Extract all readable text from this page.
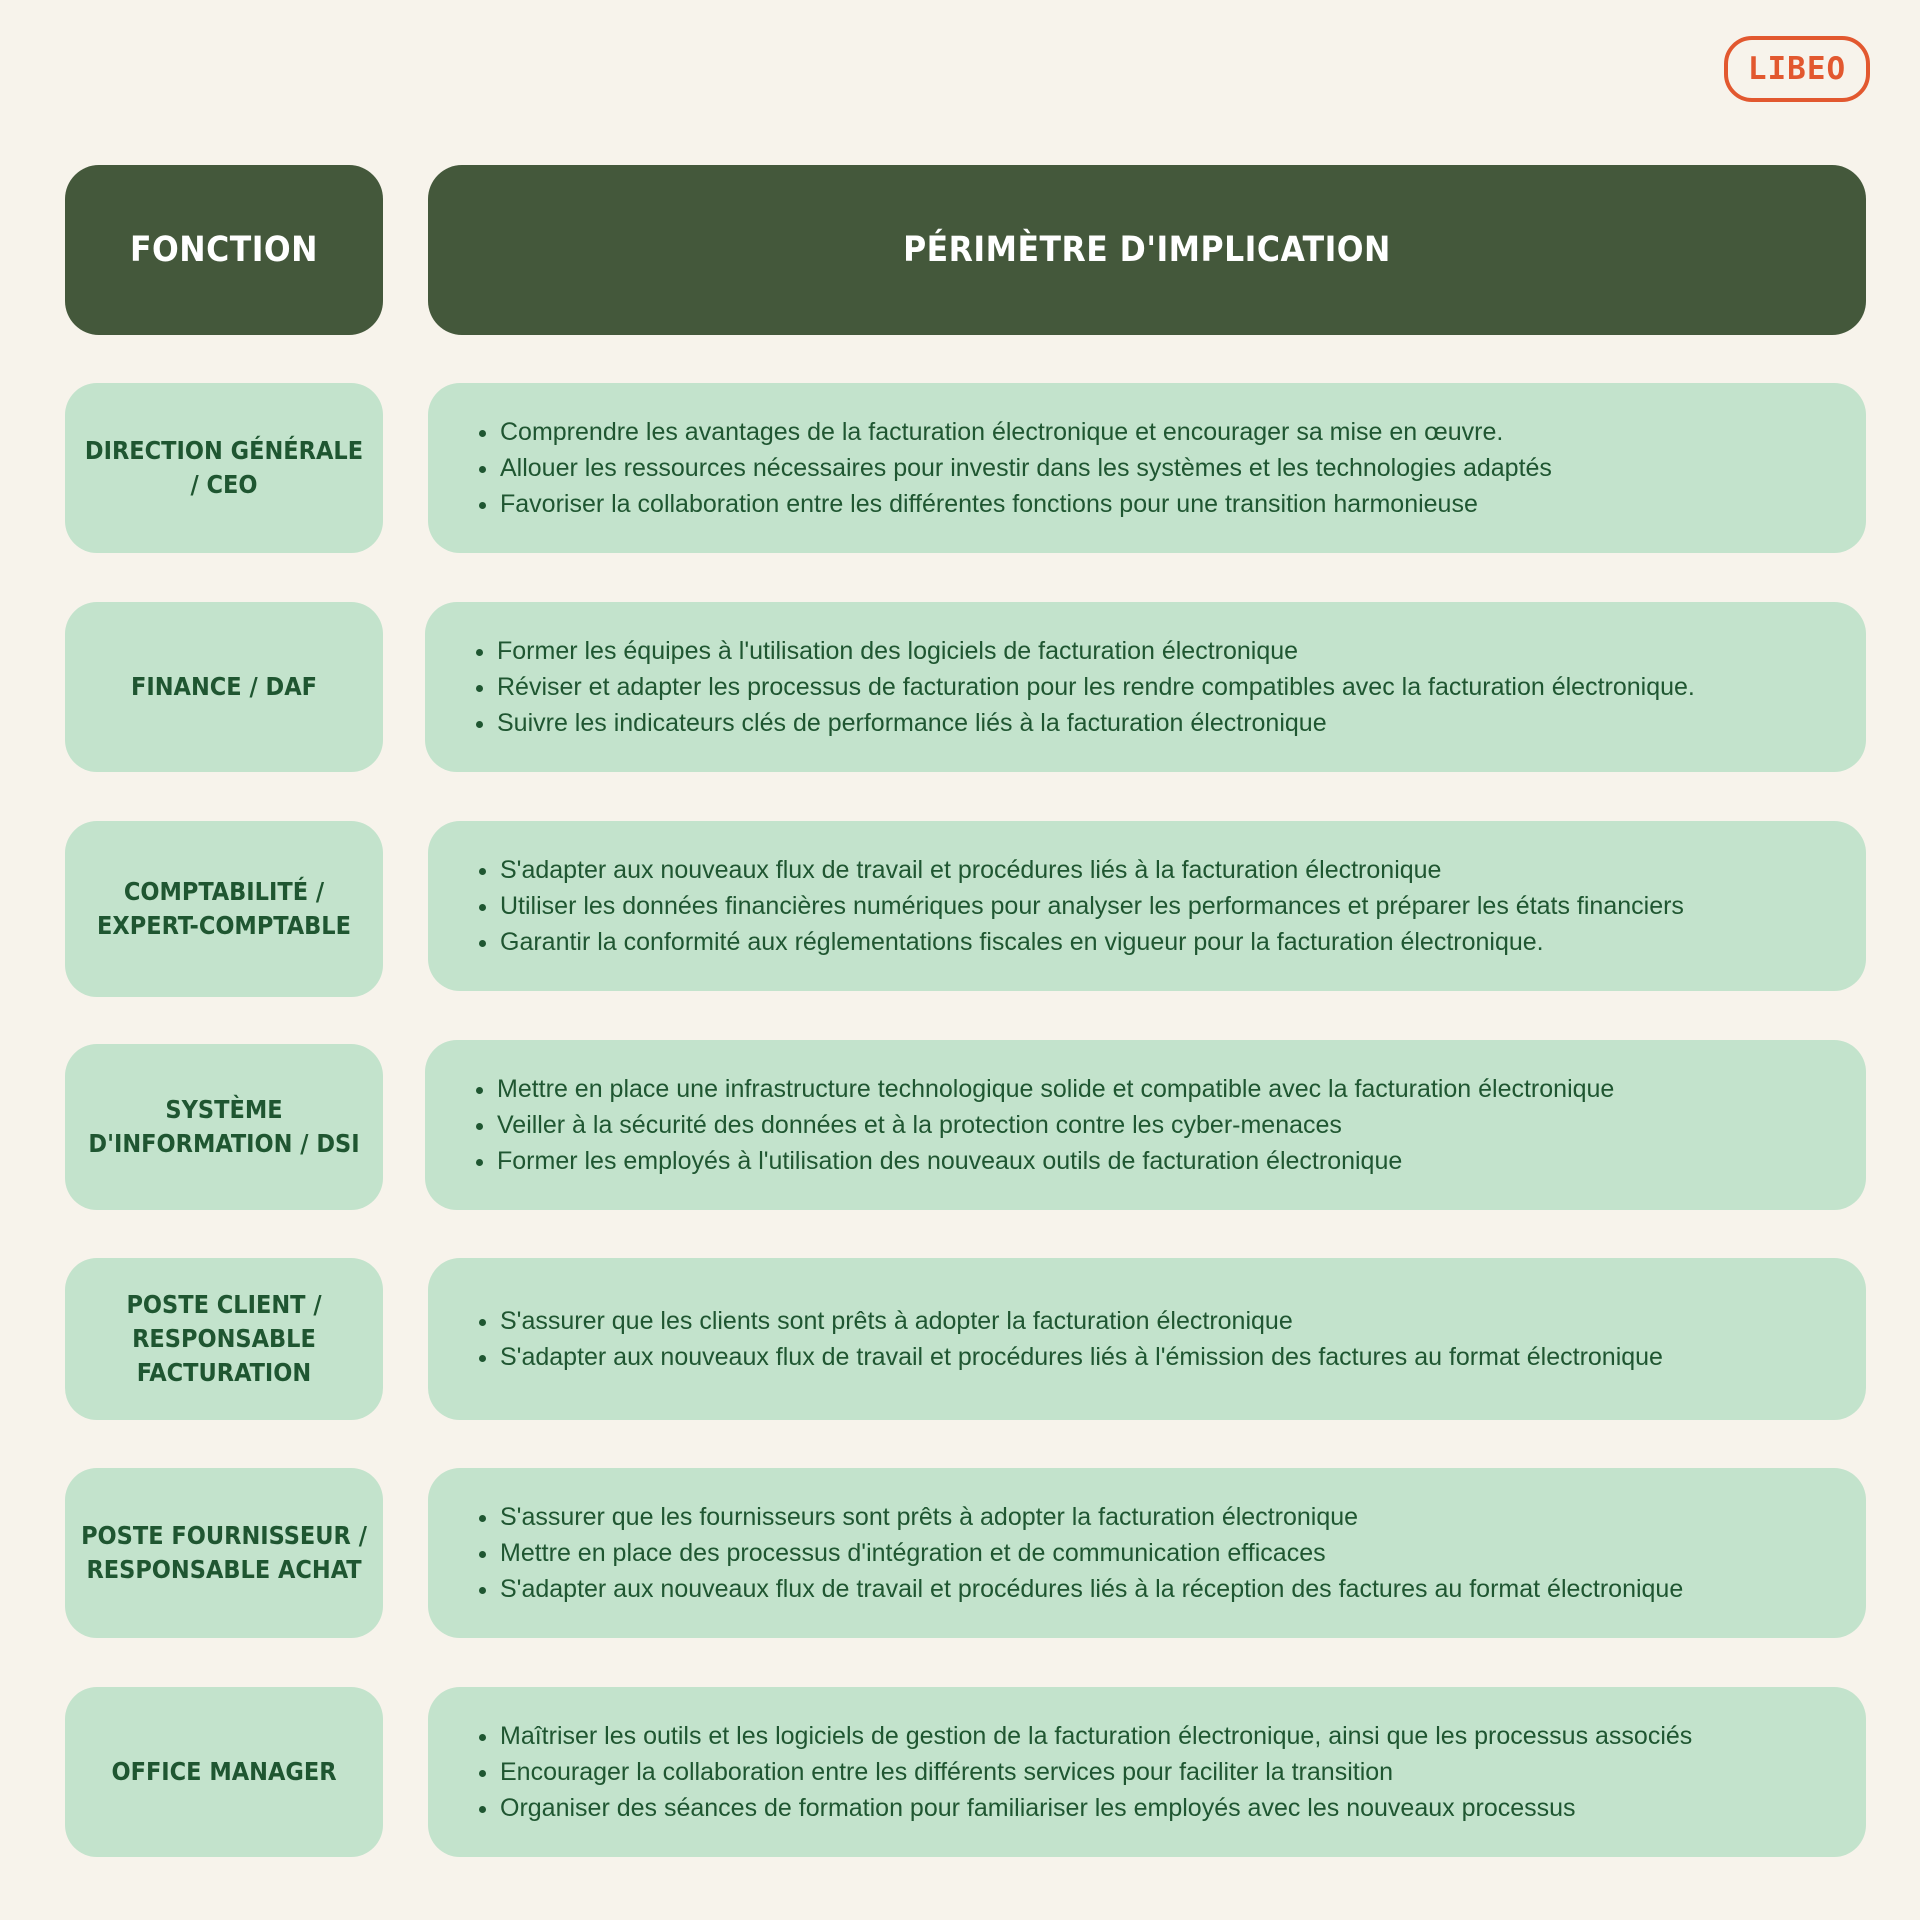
LIBEO
FONCTION	PÉRIMÈTRE D'IMPLICATION
DIRECTION GÉNÉRALE / CEO
• Comprendre les avantages de la facturation électronique et encourager sa mise en œuvre.
• Allouer les ressources nécessaires pour investir dans les systèmes et les technologies adaptés
• Favoriser la collaboration entre les différentes fonctions pour une transition harmonieuse
FINANCE / DAF
• Former les équipes à l'utilisation des logiciels de facturation électronique
• Réviser et adapter les processus de facturation pour les rendre compatibles avec la facturation électronique.
• Suivre les indicateurs clés de performance liés à la facturation électronique
COMPTABILITÉ / EXPERT-COMPTABLE
• S'adapter aux nouveaux flux de travail et procédures liés à la facturation électronique
• Utiliser les données financières numériques pour analyser les performances et préparer les états financiers
• Garantir la conformité aux réglementations fiscales en vigueur pour la facturation électronique.
SYSTÈME D'INFORMATION / DSI
• Mettre en place une infrastructure technologique solide et compatible avec la facturation électronique
• Veiller à la sécurité des données et à la protection contre les cyber-menaces
• Former les employés à l'utilisation des nouveaux outils de facturation électronique
POSTE CLIENT / RESPONSABLE FACTURATION
• S'assurer que les clients sont prêts à adopter la facturation électronique
• S'adapter aux nouveaux flux de travail et procédures liés à l'émission des factures au format électronique
POSTE FOURNISSEUR / RESPONSABLE ACHAT
• S'assurer que les fournisseurs sont prêts à adopter la facturation électronique
• Mettre en place des processus d'intégration et de communication efficaces
• S'adapter aux nouveaux flux de travail et procédures liés à la réception des factures au format électronique
OFFICE MANAGER
• Maîtriser les outils et les logiciels de gestion de la facturation électronique, ainsi que les processus associés
• Encourager la collaboration entre les différents services pour faciliter la transition
• Organiser des séances de formation pour familiariser les employés avec les nouveaux processus
